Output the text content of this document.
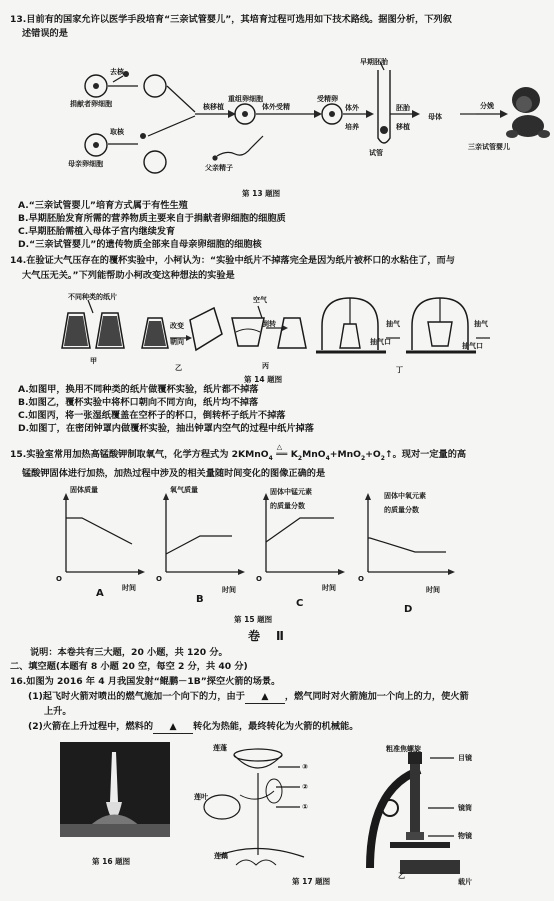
13.目前有的国家允许以医学手段培育“三亲试管婴儿”，其培育过程可选用如下技术路线。据图分析，下列叙
述错误的是
去核
捐献者卵细胞
取核
母亲卵细胞
核移植
重组卵细胞
体外受精
受精卵
体外
培养
早期胚胎
胚胎
移植
母体
分娩
试管
父亲精子
三亲试管婴儿
第 13 题图
A.“三亲试管婴儿”培育方式属于有性生殖
B.早期胚胎发育所需的营养物质主要来自于捐献者卵细胞的细胞质
C.早期胚胎需植入母体子宫内继续发育
D.“三亲试管婴儿”的遗传物质全部来自母亲卵细胞的细胞核
14.在验证大气压存在的覆杯实验中，小柯认为：“实验中纸片不掉落完全是因为纸片被杯口的水粘住了，而与
大气压无关。”下列能帮助小柯改变这种想法的实验是
不同种类的纸片
改变
朝向
空气
倒转	抽气
抽气口
抽气
抽气口
甲
乙	丙	丁
第 14 题图
A.如图甲，换用不同种类的纸片做覆杯实验，纸片都不掉落
B.如图乙，覆杯实验中将杯口朝向不同方向，纸片均不掉落
C.如图丙，将一张湿纸覆盖在空杯子的杯口，倒转杯子纸片不掉落
D.如图丁，在密闭钟罩内做覆杯实验，抽出钟罩内空气的过程中纸片掉落
15.实验室常用加热高锰酸钾制取氧气，化学方程式为 2KMnO$_4$
△
══ $K_2MnO_4+MnO_2+O_2↑$。现对一定量的高
锰酸钾固体进行加热，加热过程中涉及的相关量随时间变化的图像正确的是
固体质量	氧气质量	固体中锰元素
的质量分数
固体中氧元素
的质量分数
O	O	O	O
时间	时间	时间	时间
A
B	C
D
第 15 题图
卷　Ⅱ
说明：本卷共有三大题，20 小题，共 120 分。
二、填空题(本题有 8 小题 20 空，每空 2 分，共 40 分)
16.如图为 2016 年 4 月我国发射“鲲鹏－1B”探空火箭的场景。
(1)起飞时火箭对喷出的燃气施加一个向下的力，由于 ▲ ，燃气同时对火箭施加一个向上的力，使火箭
上升。
(2)火箭在上升过程中，燃料的 ▲ 转化为热能，最终转化为火箭的机械能。
第 16 题图
莲蓬
莲叶
莲藕
③
②
①
粗准焦螺旋
目镜
镜筒
物镜
载片
乙
第 17 题图
